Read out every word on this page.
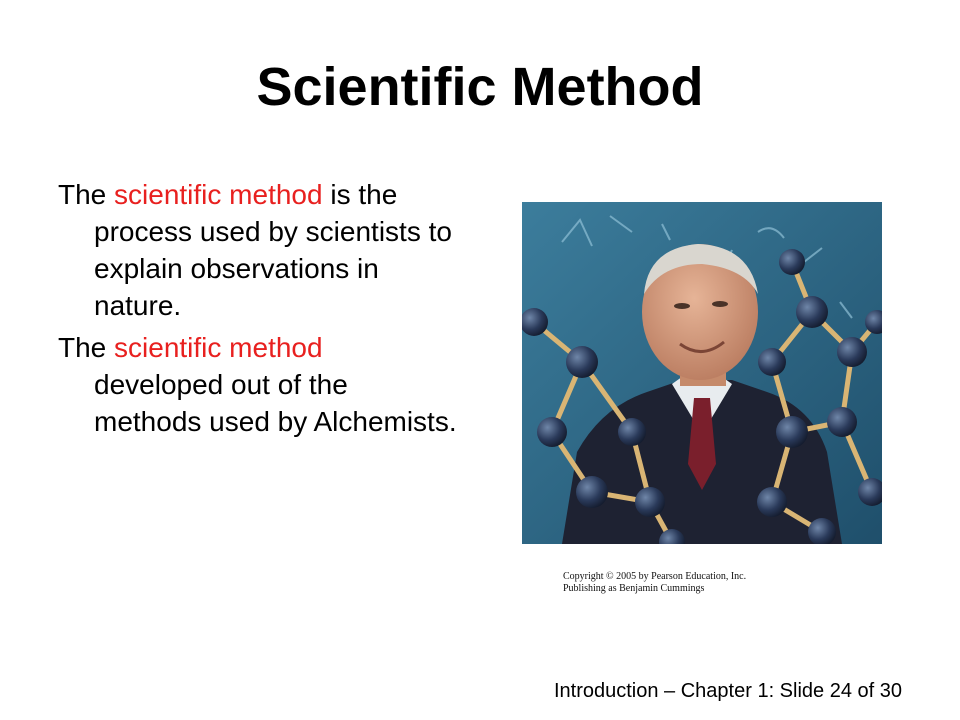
Scientific Method
The scientific method is the process used by scientists to explain observations in nature.
The scientific method developed out of the methods used by Alchemists.
Copyright © 2005 by Pearson Education, Inc.
Publishing as Benjamin Cummings
Introduction – Chapter 1: Slide 24 of 30
